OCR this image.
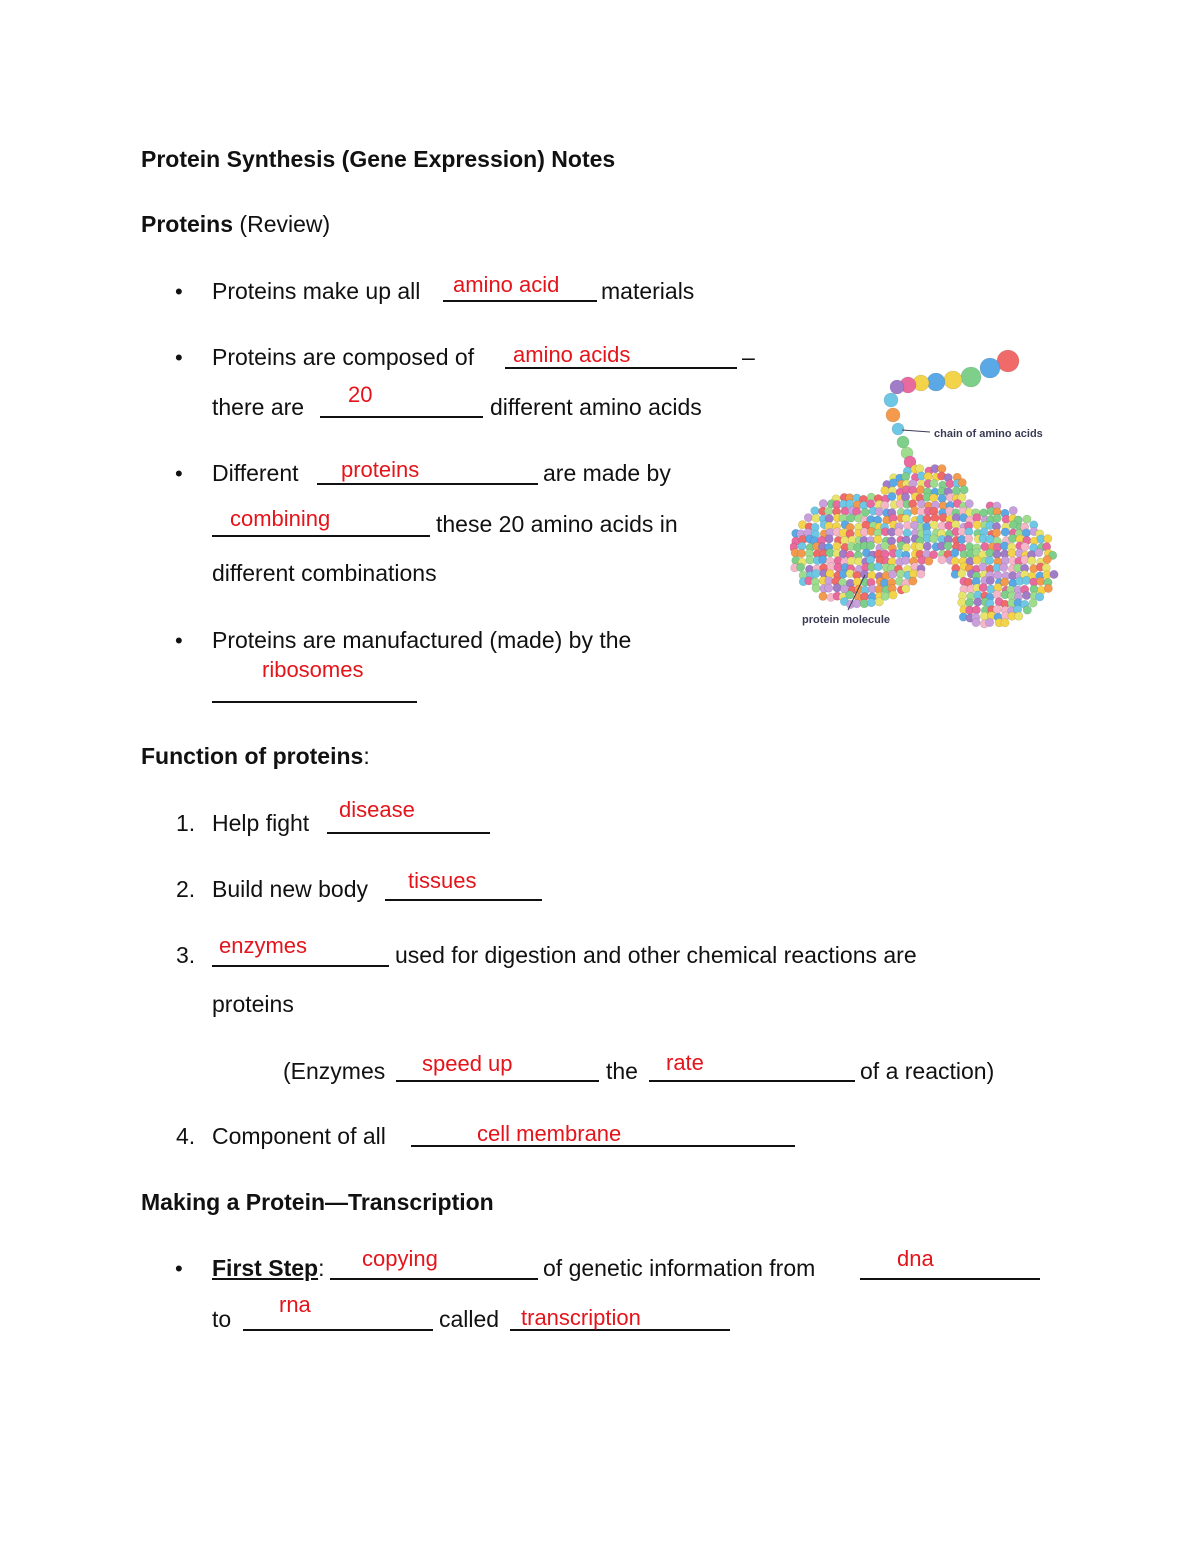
Protein Synthesis (Gene Expression) Notes
Proteins (Review)
• Proteins make up all amino acid materials
• Proteins are composed of amino acids	–
there are 20	different amino acids
• Different proteins	are made by
combining	these 20 amino acids in
different combinations
• Proteins are manufactured (made) by the
ribosomes
chain of amino acids
protein molecule
Function of proteins:
1. Help fight
disease
2. Build new body tissues
3. enzymes	used for digestion and other chemical reactions are
proteins
(Enzymes speed up	the rate	of a reaction)
4. Component of all	cell membrane
Making a Protein—Transcription
• First Step: copying	of genetic information from	dna
to
rna
called transcription
